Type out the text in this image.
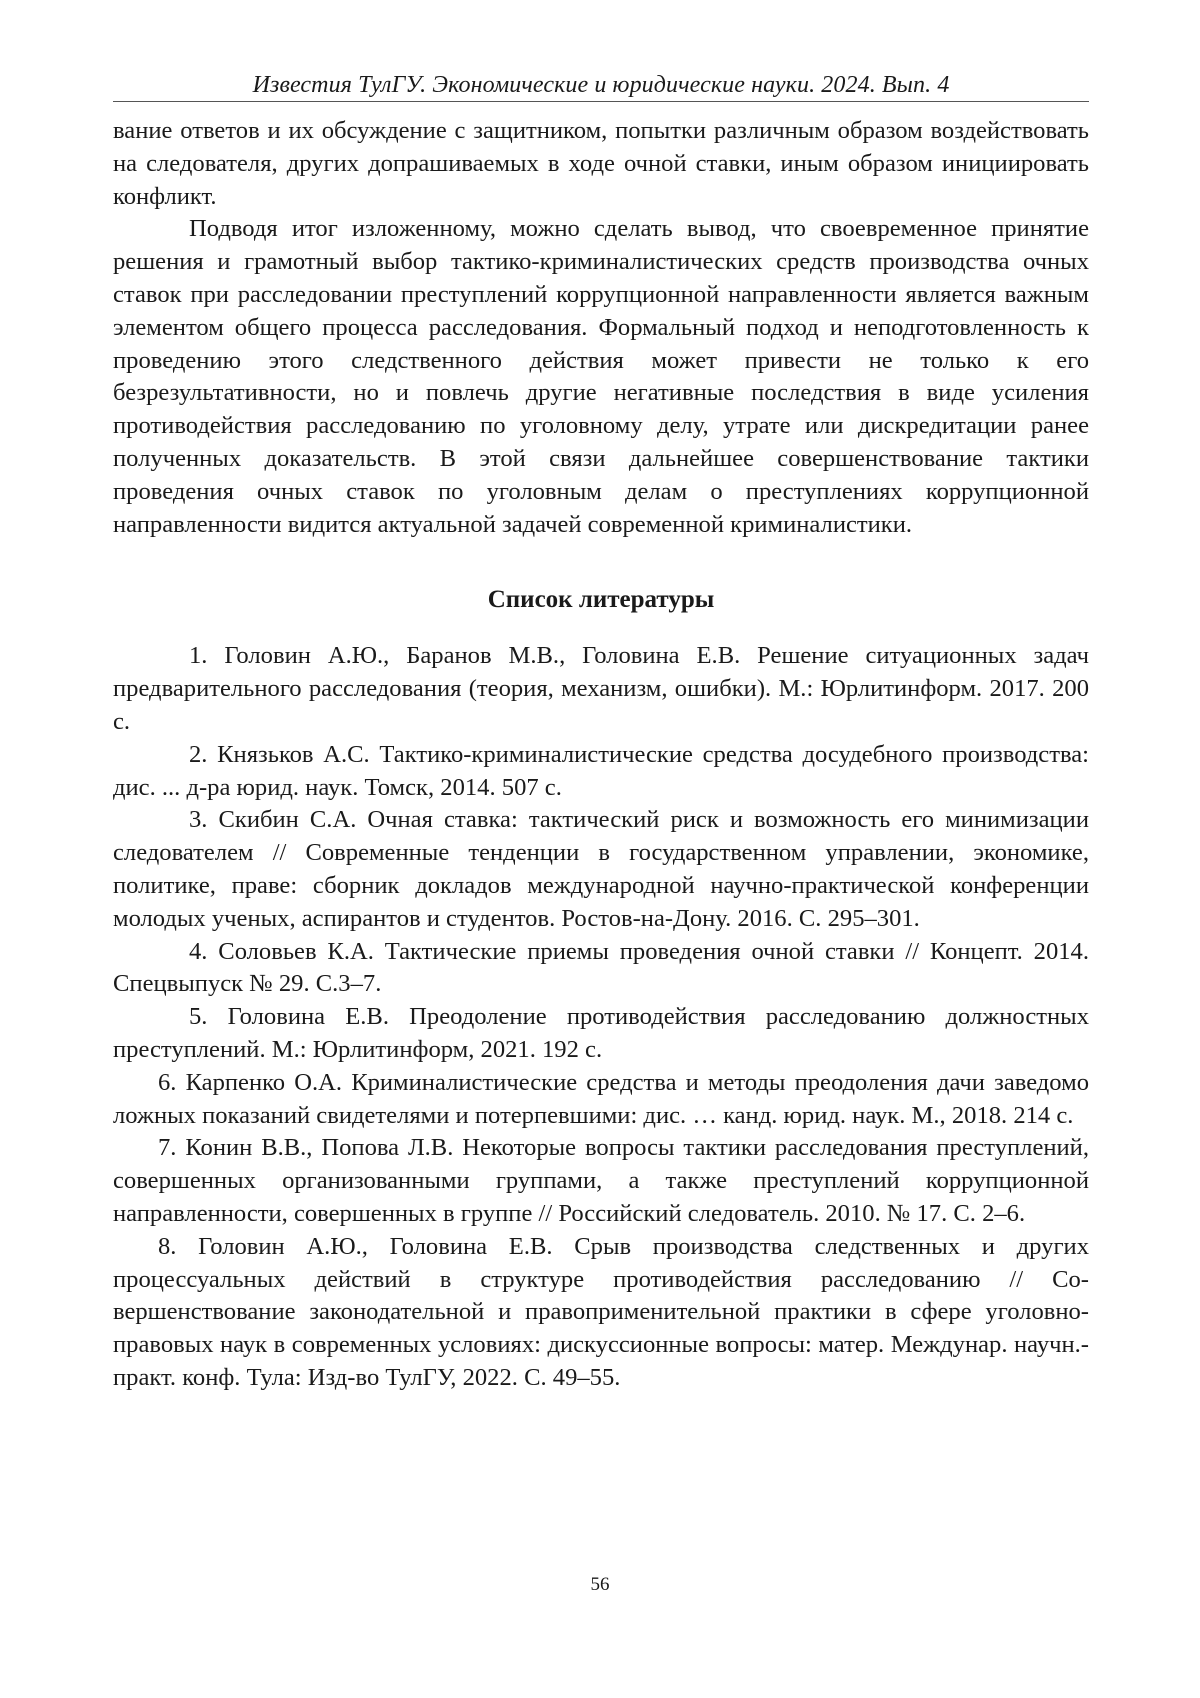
Известия ТулГУ. Экономические и юридические науки. 2024. Вып. 4

вание ответов и их обсуждение с защитником, попытки различным образом воздействовать на следователя, других допрашиваемых в ходе очной ставки, иным образом инициировать конфликт.

Подводя итог изложенному, можно сделать вывод, что своевременное принятие решения и грамотный выбор тактико-криминалистических средств производства очных ставок при расследовании преступлений коррупционной направленности является важным элементом общего процесса расследования. Формальный подход и неподготовленность к проведению этого следственного действия может привести не только к его безрезультативности, но и повлечь другие негативные последствия в виде усиления противодействия расследованию по уголовному делу, утрате или дискредитации ранее полученных доказательств. В этой связи дальнейшее совершенствование тактики проведения очных ставок по уголовным делам о преступлениях коррупционной направленности видится актуальной задачей современной криминалистики.

Список литературы

1. Головин А.Ю., Баранов М.В., Головина Е.В. Решение ситуационных задач предварительного расследования (теория, механизм, ошибки). М.: Юрлитинформ. 2017. 200 с.

2. Князьков А.С. Тактико-криминалистические средства досудебного производства: дис. ... д-ра юрид. наук. Томск, 2014. 507 с.

3. Скибин С.А. Очная ставка: тактический риск и возможность его минимизации следователем // Современные тенденции в государственном управлении, экономике, политике, праве: сборник докладов международной научно-практической конференции молодых ученых, аспирантов и студентов. Ростов-на-Дону. 2016. С. 295–301.

4. Соловьев К.А. Тактические приемы проведения очной ставки // Концепт. 2014. Спецвыпуск № 29. С.3–7.

5. Головина Е.В. Преодоление противодействия расследованию должностных преступлений. М.: Юрлитинформ, 2021. 192 с.

6. Карпенко О.А. Криминалистические средства и методы преодоления дачи заведомо ложных показаний свидетелями и потерпевшими: дис. … канд. юрид. наук. М., 2018. 214 с.

7. Конин В.В., Попова Л.В. Некоторые вопросы тактики расследования преступлений, совершенных организованными группами, а также преступлений коррупционной направленности, совершенных в группе // Российский следователь. 2010. № 17. С. 2–6.

8. Головин А.Ю., Головина Е.В. Срыв производства следственных и других процессуальных действий в структуре противодействия расследованию // Совершенствование законодательной и правоприменительной практики в сфере уголовно-правовых наук в современных условиях: дискуссионные вопросы: матер. Междунар. научн.-практ. конф. Тула: Изд-во ТулГУ, 2022. С. 49–55.

56
